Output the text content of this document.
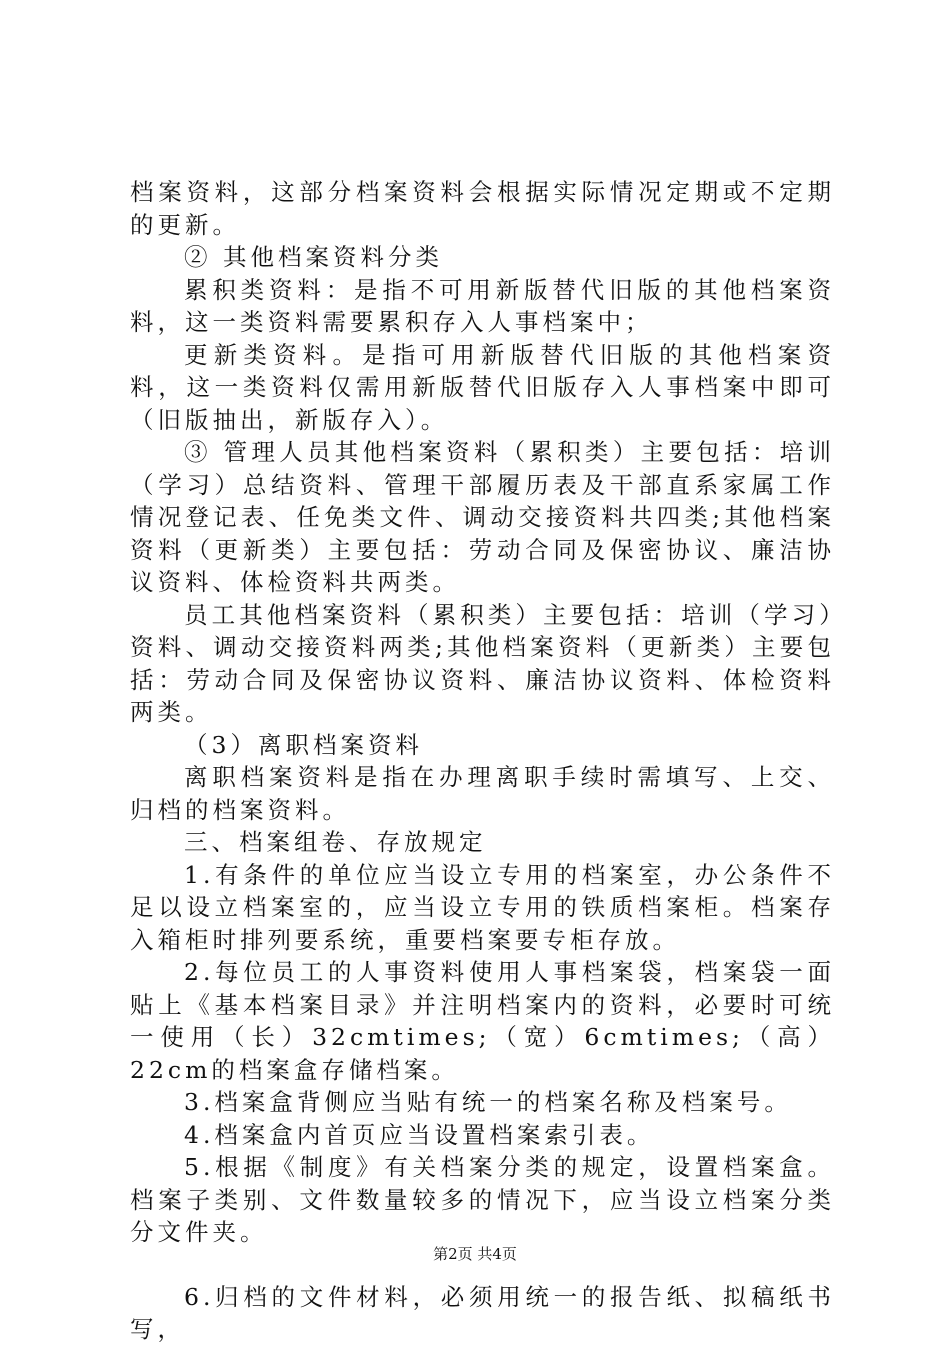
档案资料，这部分档案资料会根据实际情况定期或不定期的更新。

② 其他档案资料分类

累积类资料：是指不可用新版替代旧版的其他档案资料，这一类资料需要累积存入人事档案中；

更新类资料。是指可用新版替代旧版的其他档案资料，这一类资料仅需用新版替代旧版存入人事档案中即可（旧版抽出，新版存入）。

③ 管理人员其他档案资料（累积类）主要包括：培训（学习）总结资料、管理干部履历表及干部直系家属工作情况登记表、任免类文件、调动交接资料共四类;其他档案资料（更新类）主要包括：劳动合同及保密协议、廉洁协议资料、体检资料共两类。

员工其他档案资料（累积类）主要包括：培训（学习）资料、调动交接资料两类;其他档案资料（更新类）主要包括：劳动合同及保密协议资料、廉洁协议资料、体检资料两类。

（3）离职档案资料

离职档案资料是指在办理离职手续时需填写、上交、归档的档案资料。

三、档案组卷、存放规定

1.有条件的单位应当设立专用的档案室，办公条件不足以设立档案室的，应当设立专用的铁质档案柜。档案存入箱柜时排列要系统，重要档案要专柜存放。

2.每位员工的人事资料使用人事档案袋，档案袋一面贴上《基本档案目录》并注明档案内的资料，必要时可统一使用（长）32cmtimes;（宽）6cmtimes;（高）22cm的档案盒存储档案。

3.档案盒背侧应当贴有统一的档案名称及档案号。

4.档案盒内首页应当设置档案索引表。

5.根据《制度》有关档案分类的规定，设置档案盒。档案子类别、文件数量较多的情况下，应当设立档案分类分文件夹。

6.归档的文件材料，必须用统一的报告纸、拟稿纸书写，

第2页 共4页
